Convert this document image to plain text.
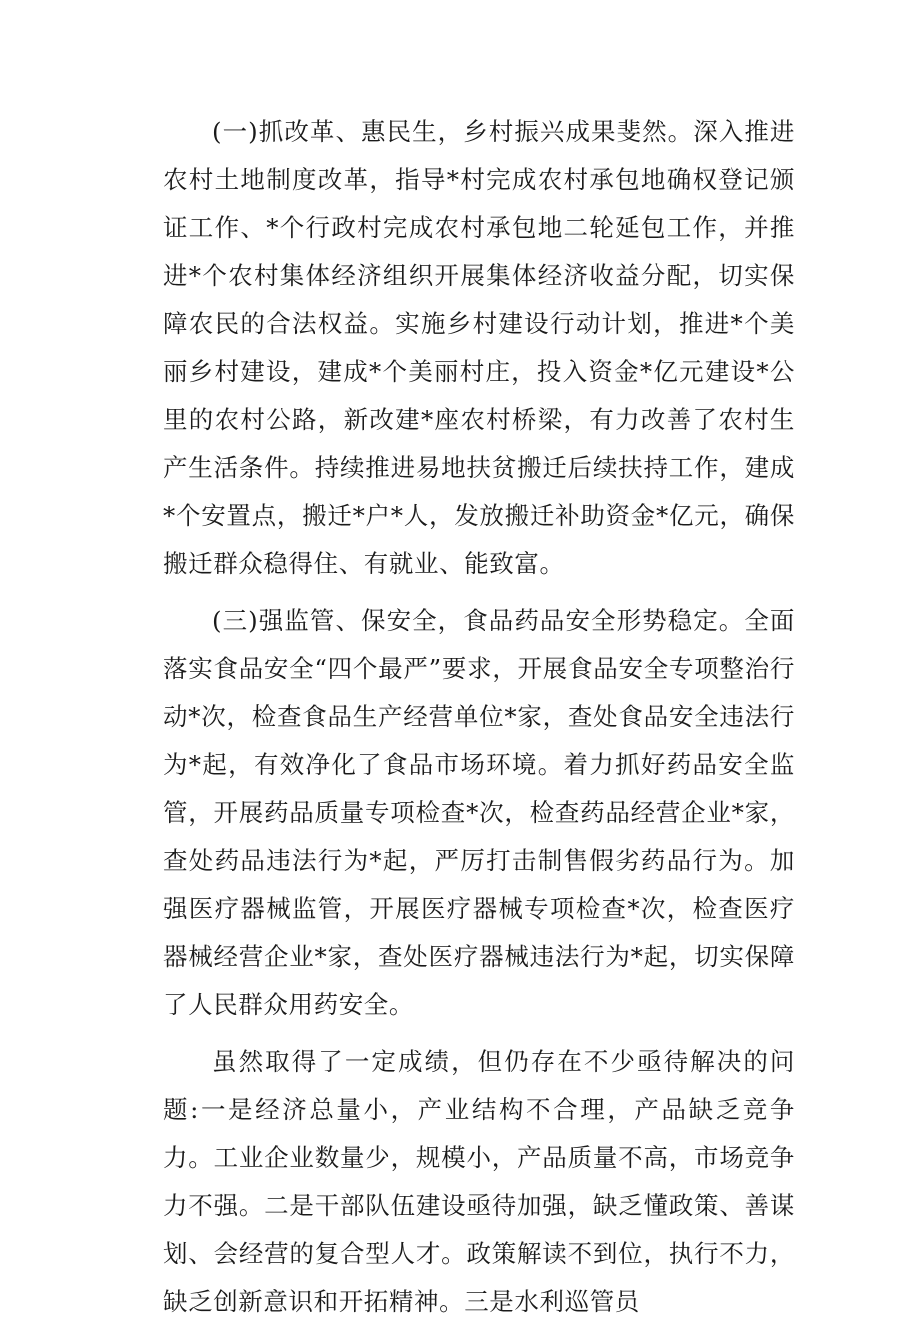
(一)抓改革、惠民生，乡村振兴成果斐然。深入推进农村土地制度改革，指导*村完成农村承包地确权登记颁证工作、*个行政村完成农村承包地二轮延包工作，并推进*个农村集体经济组织开展集体经济收益分配，切实保障农民的合法权益。实施乡村建设行动计划，推进*个美丽乡村建设，建成*个美丽村庄，投入资金*亿元建设*公里的农村公路，新改建*座农村桥梁，有力改善了农村生产生活条件。持续推进易地扶贫搬迁后续扶持工作，建成*个安置点，搬迁*户*人，发放搬迁补助资金*亿元，确保搬迁群众稳得住、有就业、能致富。

(三)强监管、保安全，食品药品安全形势稳定。全面落实食品安全“四个最严”要求，开展食品安全专项整治行动*次，检查食品生产经营单位*家，查处食品安全违法行为*起，有效净化了食品市场环境。着力抓好药品安全监管，开展药品质量专项检查*次，检查药品经营企业*家，查处药品违法行为*起，严厉打击制售假劣药品行为。加强医疗器械监管，开展医疗器械专项检查*次，检查医疗器械经营企业*家，查处医疗器械违法行为*起，切实保障了人民群众用药安全。

虽然取得了一定成绩，但仍存在不少亟待解决的问题:一是经济总量小，产业结构不合理，产品缺乏竞争力。工业企业数量少，规模小，产品质量不高，市场竞争力不强。二是干部队伍建设亟待加强，缺乏懂政策、善谋划、会经营的复合型人才。政策解读不到位，执行不力，缺乏创新意识和开拓精神。三是水利巡管员
